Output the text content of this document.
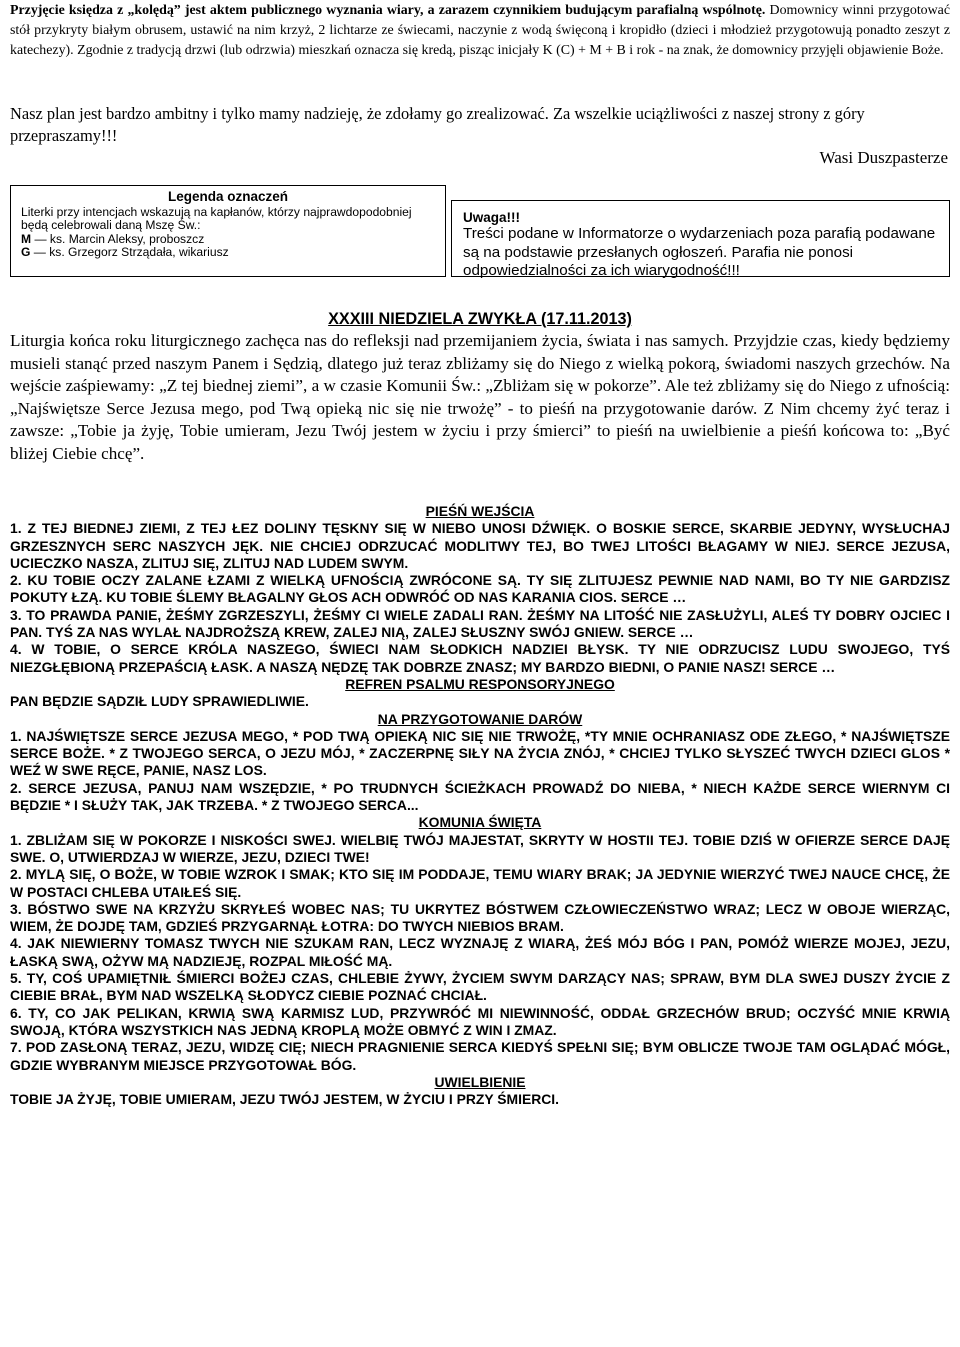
Przyjęcie księdza z „kolędą” jest aktem publicznego wyznania wiary, a zarazem czynnikiem budującym parafialną wspólnotę. Domownicy winni przygotować stół przykryty białym obrusem, ustawić na nim krzyż, 2 lichtarze ze świecami, naczynie z wodą święconą i kropidło (dzieci i młodzież przygotowują ponadto zeszyt z katechezy). Zgodnie z tradycją drzwi (lub odrzwia) mieszkań oznacza się kredą, pisząc inicjały K (C) + M + B i rok - na znak, że domownicy przyjęli objawienie Boże.
Nasz plan jest bardzo ambitny i tylko mamy nadzieję, że zdołamy go zrealizować. Za wszelkie uciążliwości z naszej strony z góry przepraszamy!!!
Wasi Duszpasterze
Legenda oznaczeń
Literki przy intencjach wskazują na kapłanów, którzy najprawdopodobniej będą celebrowali daną Mszę Św.:
M — ks. Marcin Aleksy, proboszcz
G — ks. Grzegorz Strządała, wikariusz
Uwaga!!!
Treści podane w Informatorze o wydarzeniach poza parafią podawane są na podstawie przesłanych ogłoszeń. Parafia nie ponosi odpowiedzialności za ich wiarygodność!!!
XXXIII NIEDZIELA ZWYKŁA (17.11.2013)
Liturgia końca roku liturgicznego zachęca nas do refleksji nad przemijaniem życia, świata i nas samych. Przyjdzie czas, kiedy będziemy musieli stanąć przed naszym Panem i Sędzią, dlatego już teraz zbliżamy się do Niego z wielką pokorą, świadomi naszych grzechów. Na wejście zaśpiewamy: „Z tej biednej ziemi”, a w czasie Komunii Św.: „Zbliżam się w pokorze”. Ale też zbliżamy się do Niego z ufnością: „Najświętsze Serce Jezusa mego, pod Twą opieką nic się nie trwożę” - to pieśń na przygotowanie darów. Z Nim chcemy żyć teraz i zawsze: „Tobie ja żyję, Tobie umieram, Jezu Twój jestem w życiu i przy śmierci” to pieśń na uwielbienie a pieśń końcowa to: „Być bliżej Ciebie chcę”.
PIEŚŃ WEJŚCIA

1. Z TEJ BIEDNEJ ZIEMI, Z TEJ ŁEZ DOLINY TĘSKNY SIĘ W NIEBO UNOSI DŹWIĘK. O BOSKIE SERCE, SKARBIE JEDYNY, WYSŁUCHAJ GRZESZNYCH SERC NASZYCH JĘK. NIE CHCIEJ ODRZUCAĆ MODLITWY TEJ, BO TWEJ LITOŚCI BŁAGAMY W NIEJ. SERCE JEZUSA, UCIECZKO NASZA, ZLITUJ SIĘ, ZLITUJ NAD LUDEM SWYM.

2. KU TOBIE OCZY ZALANE ŁZAMI Z WIELKĄ UFNOŚCIĄ ZWRÓCONE SĄ. TY SIĘ ZLITUJESZ PEWNIE NAD NAMI, BO TY NIE GARDZISZ POKUTY ŁZĄ. KU TOBIE ŚLEMY BŁAGALNY GŁOS ACH ODWRÓĆ OD NAS KARANIA CIOS. SERCE …

3. TO PRAWDA PANIE, ŻEŚMY ZGRZESZYLI, ŻEŚMY CI WIELE ZADALI RAN. ŻEŚMY NA LITOŚĆ NIE ZASŁUŻYLI, ALEŚ TY DOBRY OJCIEC I PAN. TYŚ ZA NAS WYLAŁ NAJDROŻSZĄ KREW, ZALEJ NIĄ, ZALEJ SŁUSZNY SWÓJ GNIEW. SERCE …

4. W TOBIE, O SERCE KRÓLA NASZEGO, ŚWIECI NAM SŁODKICH NADZIEI BŁYSK. TY NIE ODRZUCISZ LUDU SWOJEGO, TYŚ NIEZGŁĘBIONĄ PRZEPAŚCIĄ ŁASK. A NASZĄ NĘDZĘ TAK DOBRZE ZNASZ; MY BARDZO BIEDNI, O PANIE NASZ! SERCE …

REFREN PSALMU RESPONSORYJNEGO

PAN BĘDZIE SĄDZIŁ LUDY SPRAWIEDLIWIE.

NA PRZYGOTOWANIE DARÓW

1. NAJŚWIĘTSZE SERCE JEZUSA MEGO, * POD TWĄ OPIEKĄ NIC SIĘ NIE TRWOŻĘ, *TY MNIE OCHRANIASZ ODE ZŁEGO, * NAJŚWIĘTSZE SERCE BOŻE. * Z TWOJEGO SERCA, O JEZU MÓJ, * ZACZERPNĘ SIŁY NA ŻYCIA ZNÓJ, * CHCIEJ TYLKO SŁYSZEĆ TWYCH DZIECI GLOS * WEŹ W SWE RĘCE, PANIE, NASZ LOS.

2. SERCE JEZUSA, PANUJ NAM WSZĘDZIE, * PO TRUDNYCH ŚCIEŻKACH PROWADŹ DO NIEBA, * NIECH KAŻDE SERCE WIERNYM CI BĘDZIE * I SŁUŻY TAK, JAK TRZEBA. * Z TWOJEGO SERCA...

KOMUNIA ŚWIĘTA

1. ZBLIŻAM SIĘ W POKORZE I NISKOŚCI SWEJ. WIELBIĘ TWÓJ MAJESTAT, SKRYTY W HOSTII TEJ. TOBIE DZIŚ W OFIERZE SERCE DAJĘ SWE. O, UTWIERDZAJ W WIERZE, JEZU, DZIECI TWE!

2. MYLĄ SIĘ, O BOŻE, W TOBIE WZROK I SMAK; KTO SIĘ IM PODDAJE, TEMU WIARY BRAK; JA JEDYNIE WIERZYĆ TWEJ NAUCE CHCĘ, ŻE W POSTACI CHLEBA UTAIŁEŚ SIĘ.

3. BÓSTWO SWE NA KRZYŻU SKRYŁEŚ WOBEC NAS; TU UKRYTEZ BÓSTWEM CZŁOWIECZEŃSTWO WRAZ; LECZ W OBOJE WIERZĄC, WIEM, ŻE DOJDĘ TAM, GDZIEŚ PRZYGARNĄŁ ŁOTRA: DO TWYCH NIEBIOS BRAM.

4. JAK NIEWIERNY TOMASZ TWYCH NIE SZUKAM RAN, LECZ WYZNAJĘ Z WIARĄ, ŻEŚ MÓJ BÓG I PAN, POMÓŻ WIERZE MOJEJ, JEZU, ŁASKĄ SWĄ, OŻYW MĄ NADZIEJĘ, ROZPAL MIŁOŚĆ MĄ.

5. TY, COŚ UPAMIĘTNIŁ ŚMIERCI BOŻEJ CZAS, CHLEBIE ŻYWY, ŻYCIEM SWYM DARZĄCY NAS; SPRAW, BYM DLA SWEJ DUSZY ŻYCIE Z CIEBIE BRAŁ, BYM NAD WSZELKĄ SŁODYCZ CIEBIE POZNAĆ CHCIAŁ.

6. TY, CO JAK PELIKAN, KRWIĄ SWĄ KARMISZ LUD, PRZYWRÓĆ MI NIEWINNOŚĆ, ODDAŁ GRZECHÓW BRUD; OCZYŚĆ MNIE KRWIĄ SWOJĄ, KTÓRA WSZYSTKICH NAS JEDNĄ KROPLĄ MOŻE OBMYĆ Z WIN I ZMAZ.

7. POD ZASŁONĄ TERAZ, JEZU, WIDZĘ CIĘ; NIECH PRAGNIENIE SERCA KIEDYŚ SPEŁNI SIĘ; BYM OBLICZE TWOJE TAM OGLĄDAĆ MÓGŁ, GDZIE WYBRANYM MIEJSCE PRZYGOTOWAŁ BÓG.

UWIELBIENIE

TOBIE JA ŻYJĘ, TOBIE UMIERAM, JEZU TWÓJ JESTEM, W ŻYCIU I PRZY ŚMIERCI.
